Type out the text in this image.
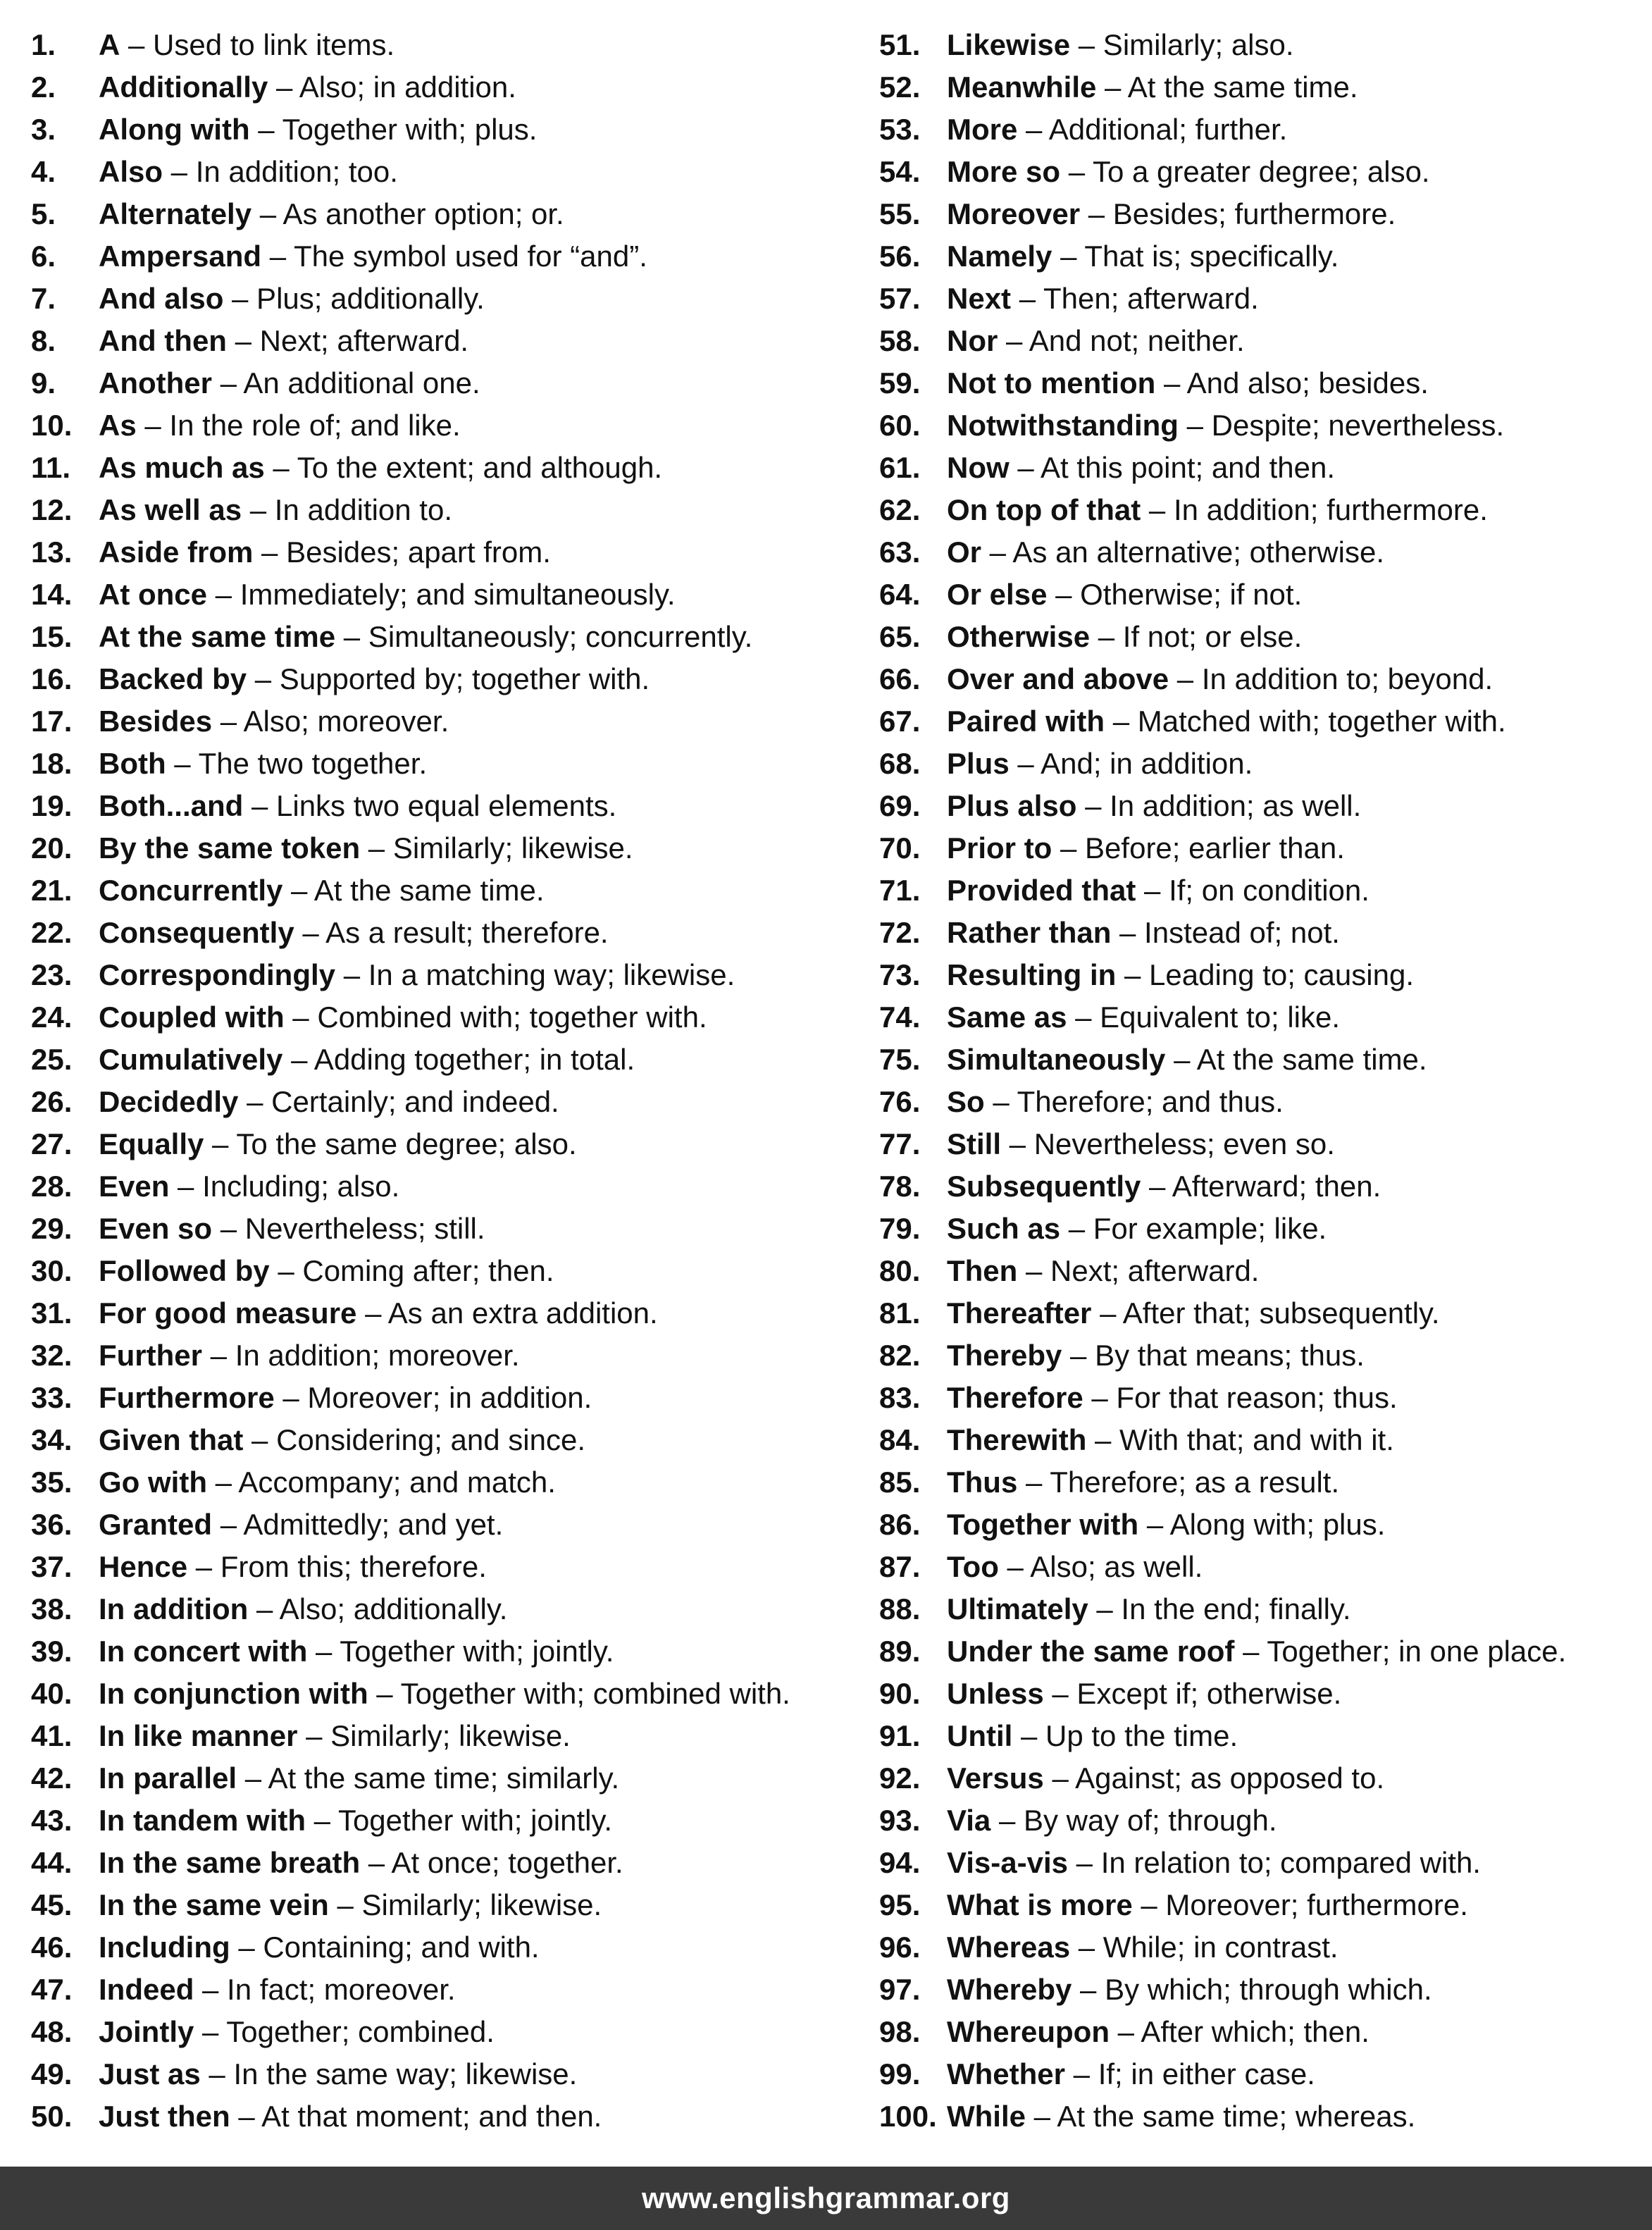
1. A – Used to link items.
2. Additionally – Also; in addition.
3. Along with – Together with; plus.
4. Also – In addition; too.
5. Alternately – As another option; or.
6. Ampersand – The symbol used for “and”.
7. And also – Plus; additionally.
8. And then – Next; afterward.
9. Another – An additional one.
10. As – In the role of; and like.
11. As much as – To the extent; and although.
12. As well as – In addition to.
13. Aside from – Besides; apart from.
14. At once – Immediately; and simultaneously.
15. At the same time – Simultaneously; concurrently.
16. Backed by – Supported by; together with.
17. Besides – Also; moreover.
18. Both – The two together.
19. Both...and – Links two equal elements.
20. By the same token – Similarly; likewise.
21. Concurrently – At the same time.
22. Consequently – As a result; therefore.
23. Correspondingly – In a matching way; likewise.
24. Coupled with – Combined with; together with.
25. Cumulatively – Adding together; in total.
26. Decidedly – Certainly; and indeed.
27. Equally – To the same degree; also.
28. Even – Including; also.
29. Even so – Nevertheless; still.
30. Followed by – Coming after; then.
31. For good measure – As an extra addition.
32. Further – In addition; moreover.
33. Furthermore – Moreover; in addition.
34. Given that – Considering; and since.
35. Go with – Accompany; and match.
36. Granted – Admittedly; and yet.
37. Hence – From this; therefore.
38. In addition – Also; additionally.
39. In concert with – Together with; jointly.
40. In conjunction with – Together with; combined with.
41. In like manner – Similarly; likewise.
42. In parallel – At the same time; similarly.
43. In tandem with – Together with; jointly.
44. In the same breath – At once; together.
45. In the same vein – Similarly; likewise.
46. Including – Containing; and with.
47. Indeed – In fact; moreover.
48. Jointly – Together; combined.
49. Just as – In the same way; likewise.
50. Just then – At that moment; and then.
51. Likewise – Similarly; also.
52. Meanwhile – At the same time.
53. More – Additional; further.
54. More so – To a greater degree; also.
55. Moreover – Besides; furthermore.
56. Namely – That is; specifically.
57. Next – Then; afterward.
58. Nor – And not; neither.
59. Not to mention – And also; besides.
60. Notwithstanding – Despite; nevertheless.
61. Now – At this point; and then.
62. On top of that – In addition; furthermore.
63. Or – As an alternative; otherwise.
64. Or else – Otherwise; if not.
65. Otherwise – If not; or else.
66. Over and above – In addition to; beyond.
67. Paired with – Matched with; together with.
68. Plus – And; in addition.
69. Plus also – In addition; as well.
70. Prior to – Before; earlier than.
71. Provided that – If; on condition.
72. Rather than – Instead of; not.
73. Resulting in – Leading to; causing.
74. Same as – Equivalent to; like.
75. Simultaneously – At the same time.
76. So – Therefore; and thus.
77. Still – Nevertheless; even so.
78. Subsequently – Afterward; then.
79. Such as – For example; like.
80. Then – Next; afterward.
81. Thereafter – After that; subsequently.
82. Thereby – By that means; thus.
83. Therefore – For that reason; thus.
84. Therewith – With that; and with it.
85. Thus – Therefore; as a result.
86. Together with – Along with; plus.
87. Too – Also; as well.
88. Ultimately – In the end; finally.
89. Under the same roof – Together; in one place.
90. Unless – Except if; otherwise.
91. Until – Up to the time.
92. Versus – Against; as opposed to.
93. Via – By way of; through.
94. Vis-a-vis – In relation to; compared with.
95. What is more – Moreover; furthermore.
96. Whereas – While; in contrast.
97. Whereby – By which; through which.
98. Whereupon – After which; then.
99. Whether – If; in either case.
100. While – At the same time; whereas.
www.englishgrammar.org
